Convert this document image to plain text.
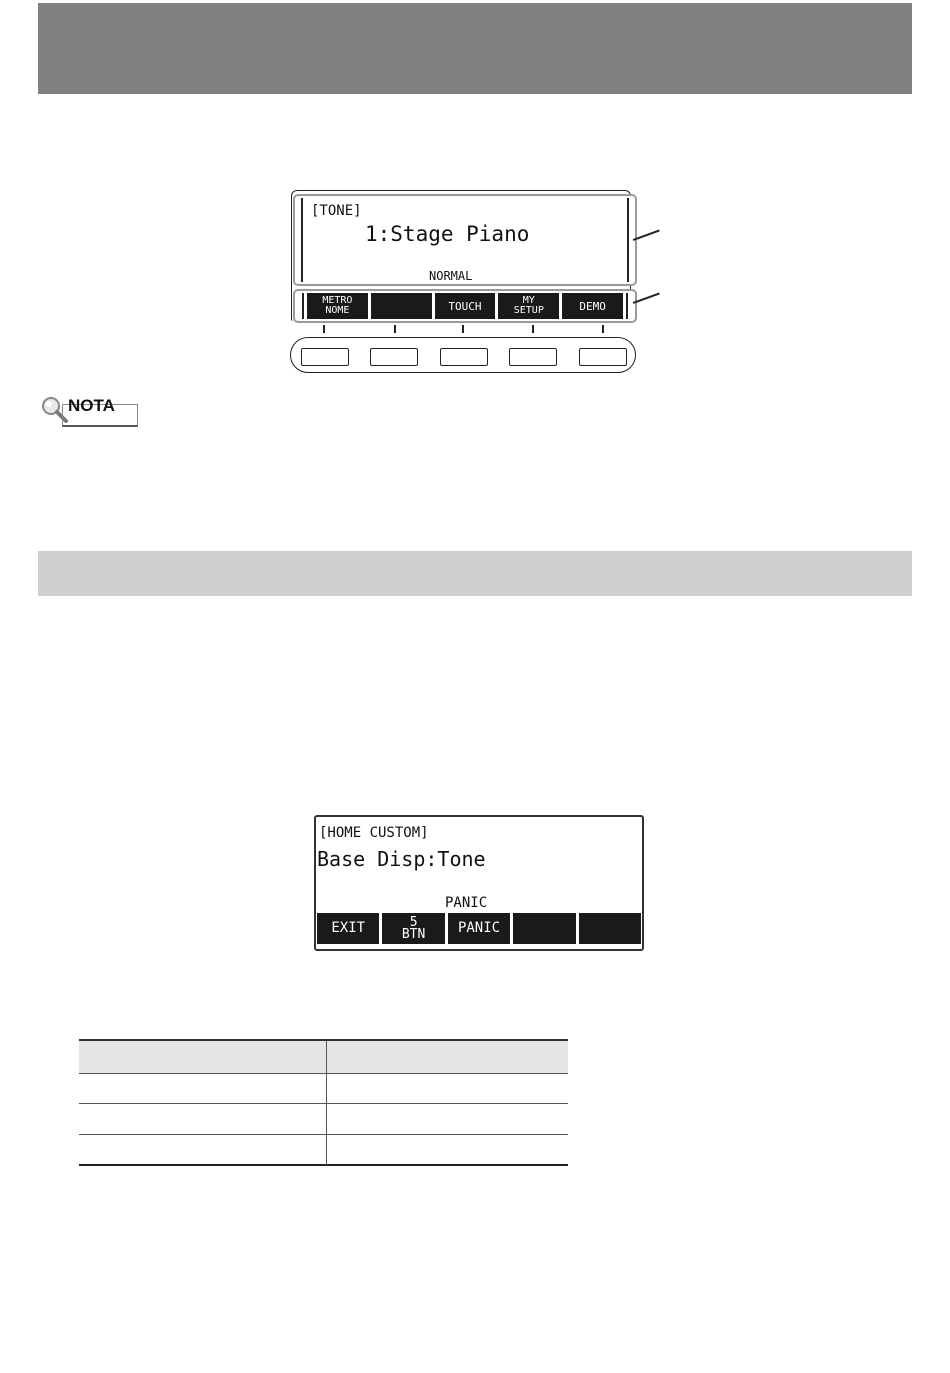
[TONE]
1:Stage Piano
NORMAL
METRO
NOME	TOUCH	MY
SETUP	DEMO
NOTA
[HOME CUSTOM]
Base Disp:Tone
PANIC
EXIT	5
BTN	PANIC
